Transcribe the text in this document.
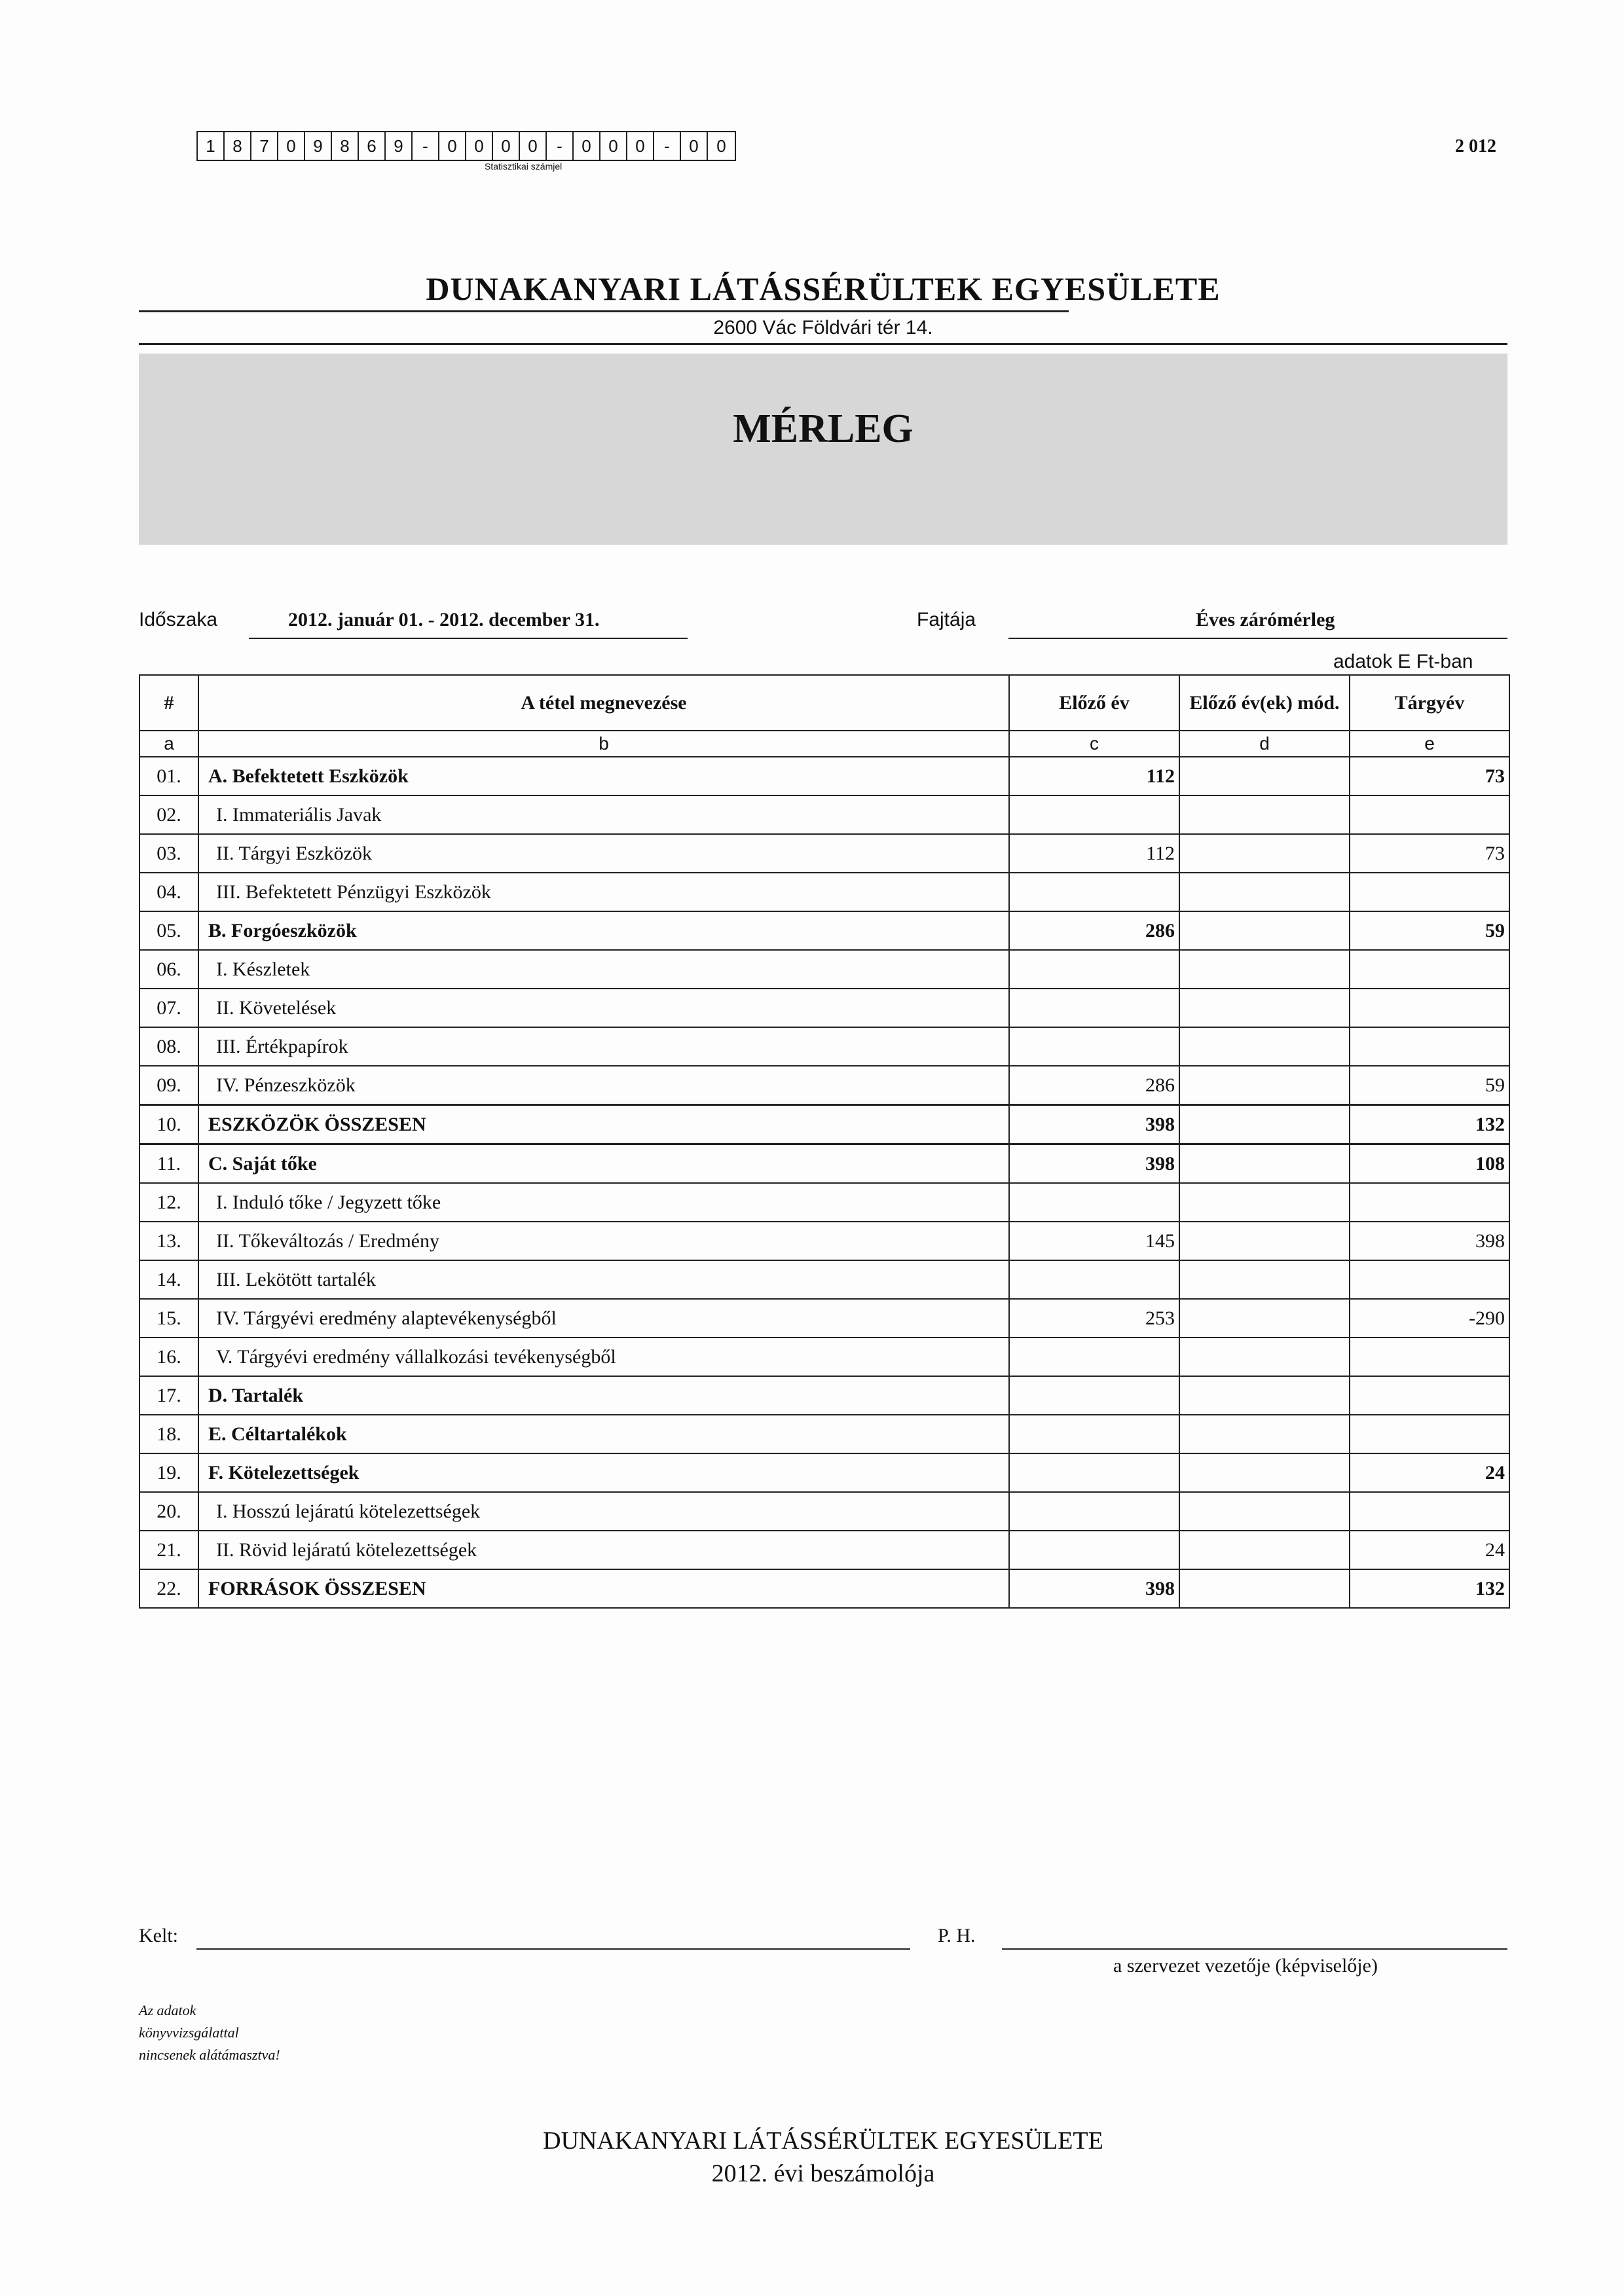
1	8	7	0	9	8	6	9	-	0	0	0	0	-	0	0	0	-	0	0
Statisztikai számjel
2 012
DUNAKANYARI LÁTÁSSÉRÜLTEK EGYESÜLETE
2600 Vác Földvári tér 14.
MÉRLEG
Időszaka	2012. január 01. - 2012. december 31.	Fajtája	Éves zárómérleg
adatok E Ft-ban
#	A tétel megnevezése	Előző év	Előző év(ek) mód.	Tárgyév
a	b	c	d	e
01.	A. Befektetett Eszközök	112		73
02.	I. Immateriális Javak			
03.	II. Tárgyi Eszközök	112		73
04.	III. Befektetett Pénzügyi Eszközök			
05.	B. Forgóeszközök	286		59
06.	I. Készletek			
07.	II. Követelések			
08.	III. Értékpapírok			
09.	IV. Pénzeszközök	286		59
10.	ESZKÖZÖK ÖSSZESEN	398		132
11.	C. Saját tőke	398		108
12.	I. Induló tőke / Jegyzett tőke			
13.	II. Tőkeváltozás / Eredmény	145		398
14.	III. Lekötött tartalék			
15.	IV. Tárgyévi eredmény alaptevékenységből	253		-290
16.	V. Tárgyévi eredmény vállalkozási tevékenységből			
17.	D. Tartalék			
18.	E. Céltartalékok			
19.	F. Kötelezettségek			24
20.	I. Hosszú lejáratú kötelezettségek			
21.	II. Rövid lejáratú kötelezettségek			24
22.	FORRÁSOK ÖSSZESEN	398		132
Kelt:	P. H.
a szervezet vezetője (képviselője)
Az adatok
könyvvizsgálattal
nincsenek alátámasztva!
DUNAKANYARI LÁTÁSSÉRÜLTEK EGYESÜLETE
2012. évi beszámolója
